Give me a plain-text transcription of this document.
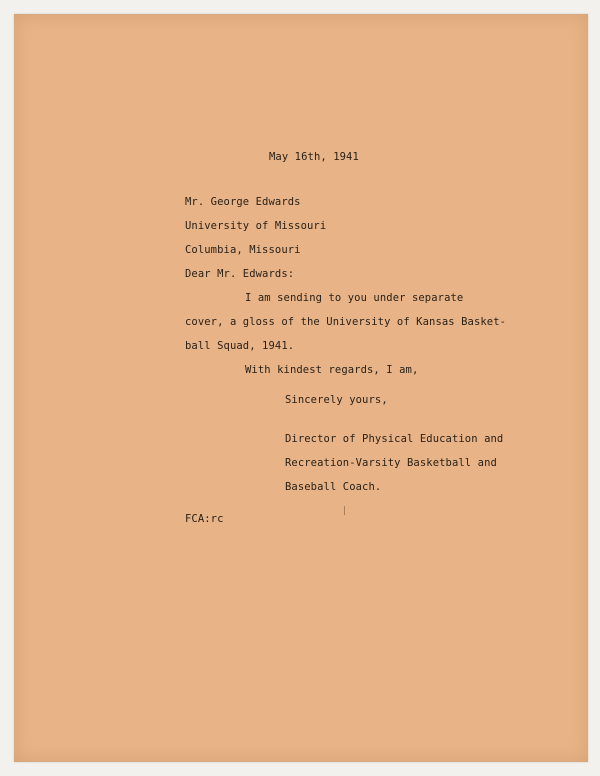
May 16th, 1941
Mr. George Edwards
University of Missouri
Columbia, Missouri
Dear Mr. Edwards:
I am sending to you under separate
cover, a gloss of the University of Kansas Basket-
ball Squad, 1941.
With kindest regards, I am,
Sincerely yours,
Director of Physical Education and
Recreation-Varsity Basketball and
Baseball Coach.
FCA:rc
